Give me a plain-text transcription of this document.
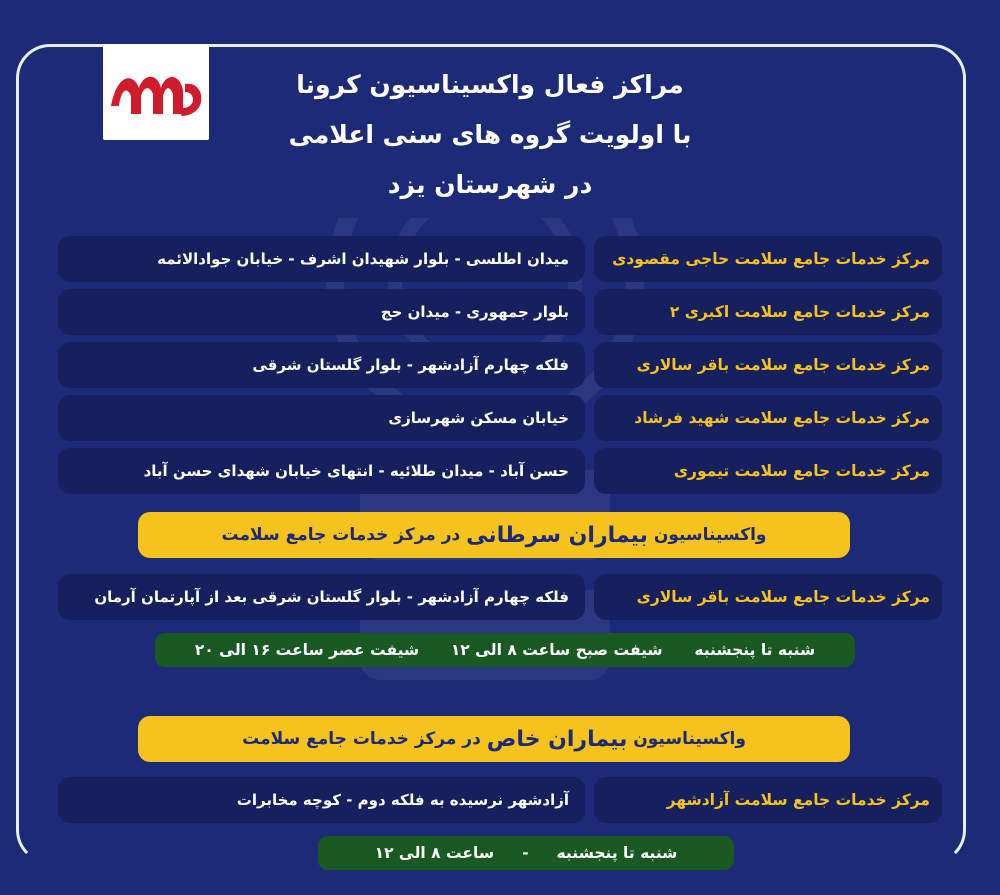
مراکز فعال واکسیناسیون کرونا
با اولویت گروه های سنی اعلامی
در شهرستان یزد
مرکز خدمات جامع سلامت حاجی مقصودی
میدان اطلسی - بلوار شهیدان اشرف - خیابان جوادالائمه
مرکز خدمات جامع سلامت اکبری ۲
بلوار جمهوری - میدان حج
مرکز خدمات جامع سلامت باقر سالاری
فلکه چهارم آزادشهر - بلوار گلستان شرقی
مرکز خدمات جامع سلامت شهید فرشاد
خیابان مسکن شهرسازی
مرکز خدمات جامع سلامت تیموری
حسن آباد - میدان طلائیه - انتهای خیابان شهدای حسن آباد
واکسیناسیون

بیماران سرطانی

در مرکز خدمات جامع سلامت
مرکز خدمات جامع سلامت باقر سالاری
فلکه چهارم آزادشهر - بلوار گلستان شرقی بعد از آپارتمان آرمان
شنبه تا پنجشنبه
شیفت صبح ساعت ۸ الی ۱۲
شیفت عصر ساعت ۱۶ الی ۲۰
واکسیناسیون

بیماران خاص

در مرکز خدمات جامع سلامت
مرکز خدمات جامع سلامت آزادشهر
آزادشهر نرسیده به فلکه دوم - کوچه مخابرات
شنبه تا پنجشنبه
-
ساعت ۸ الی ۱۲
